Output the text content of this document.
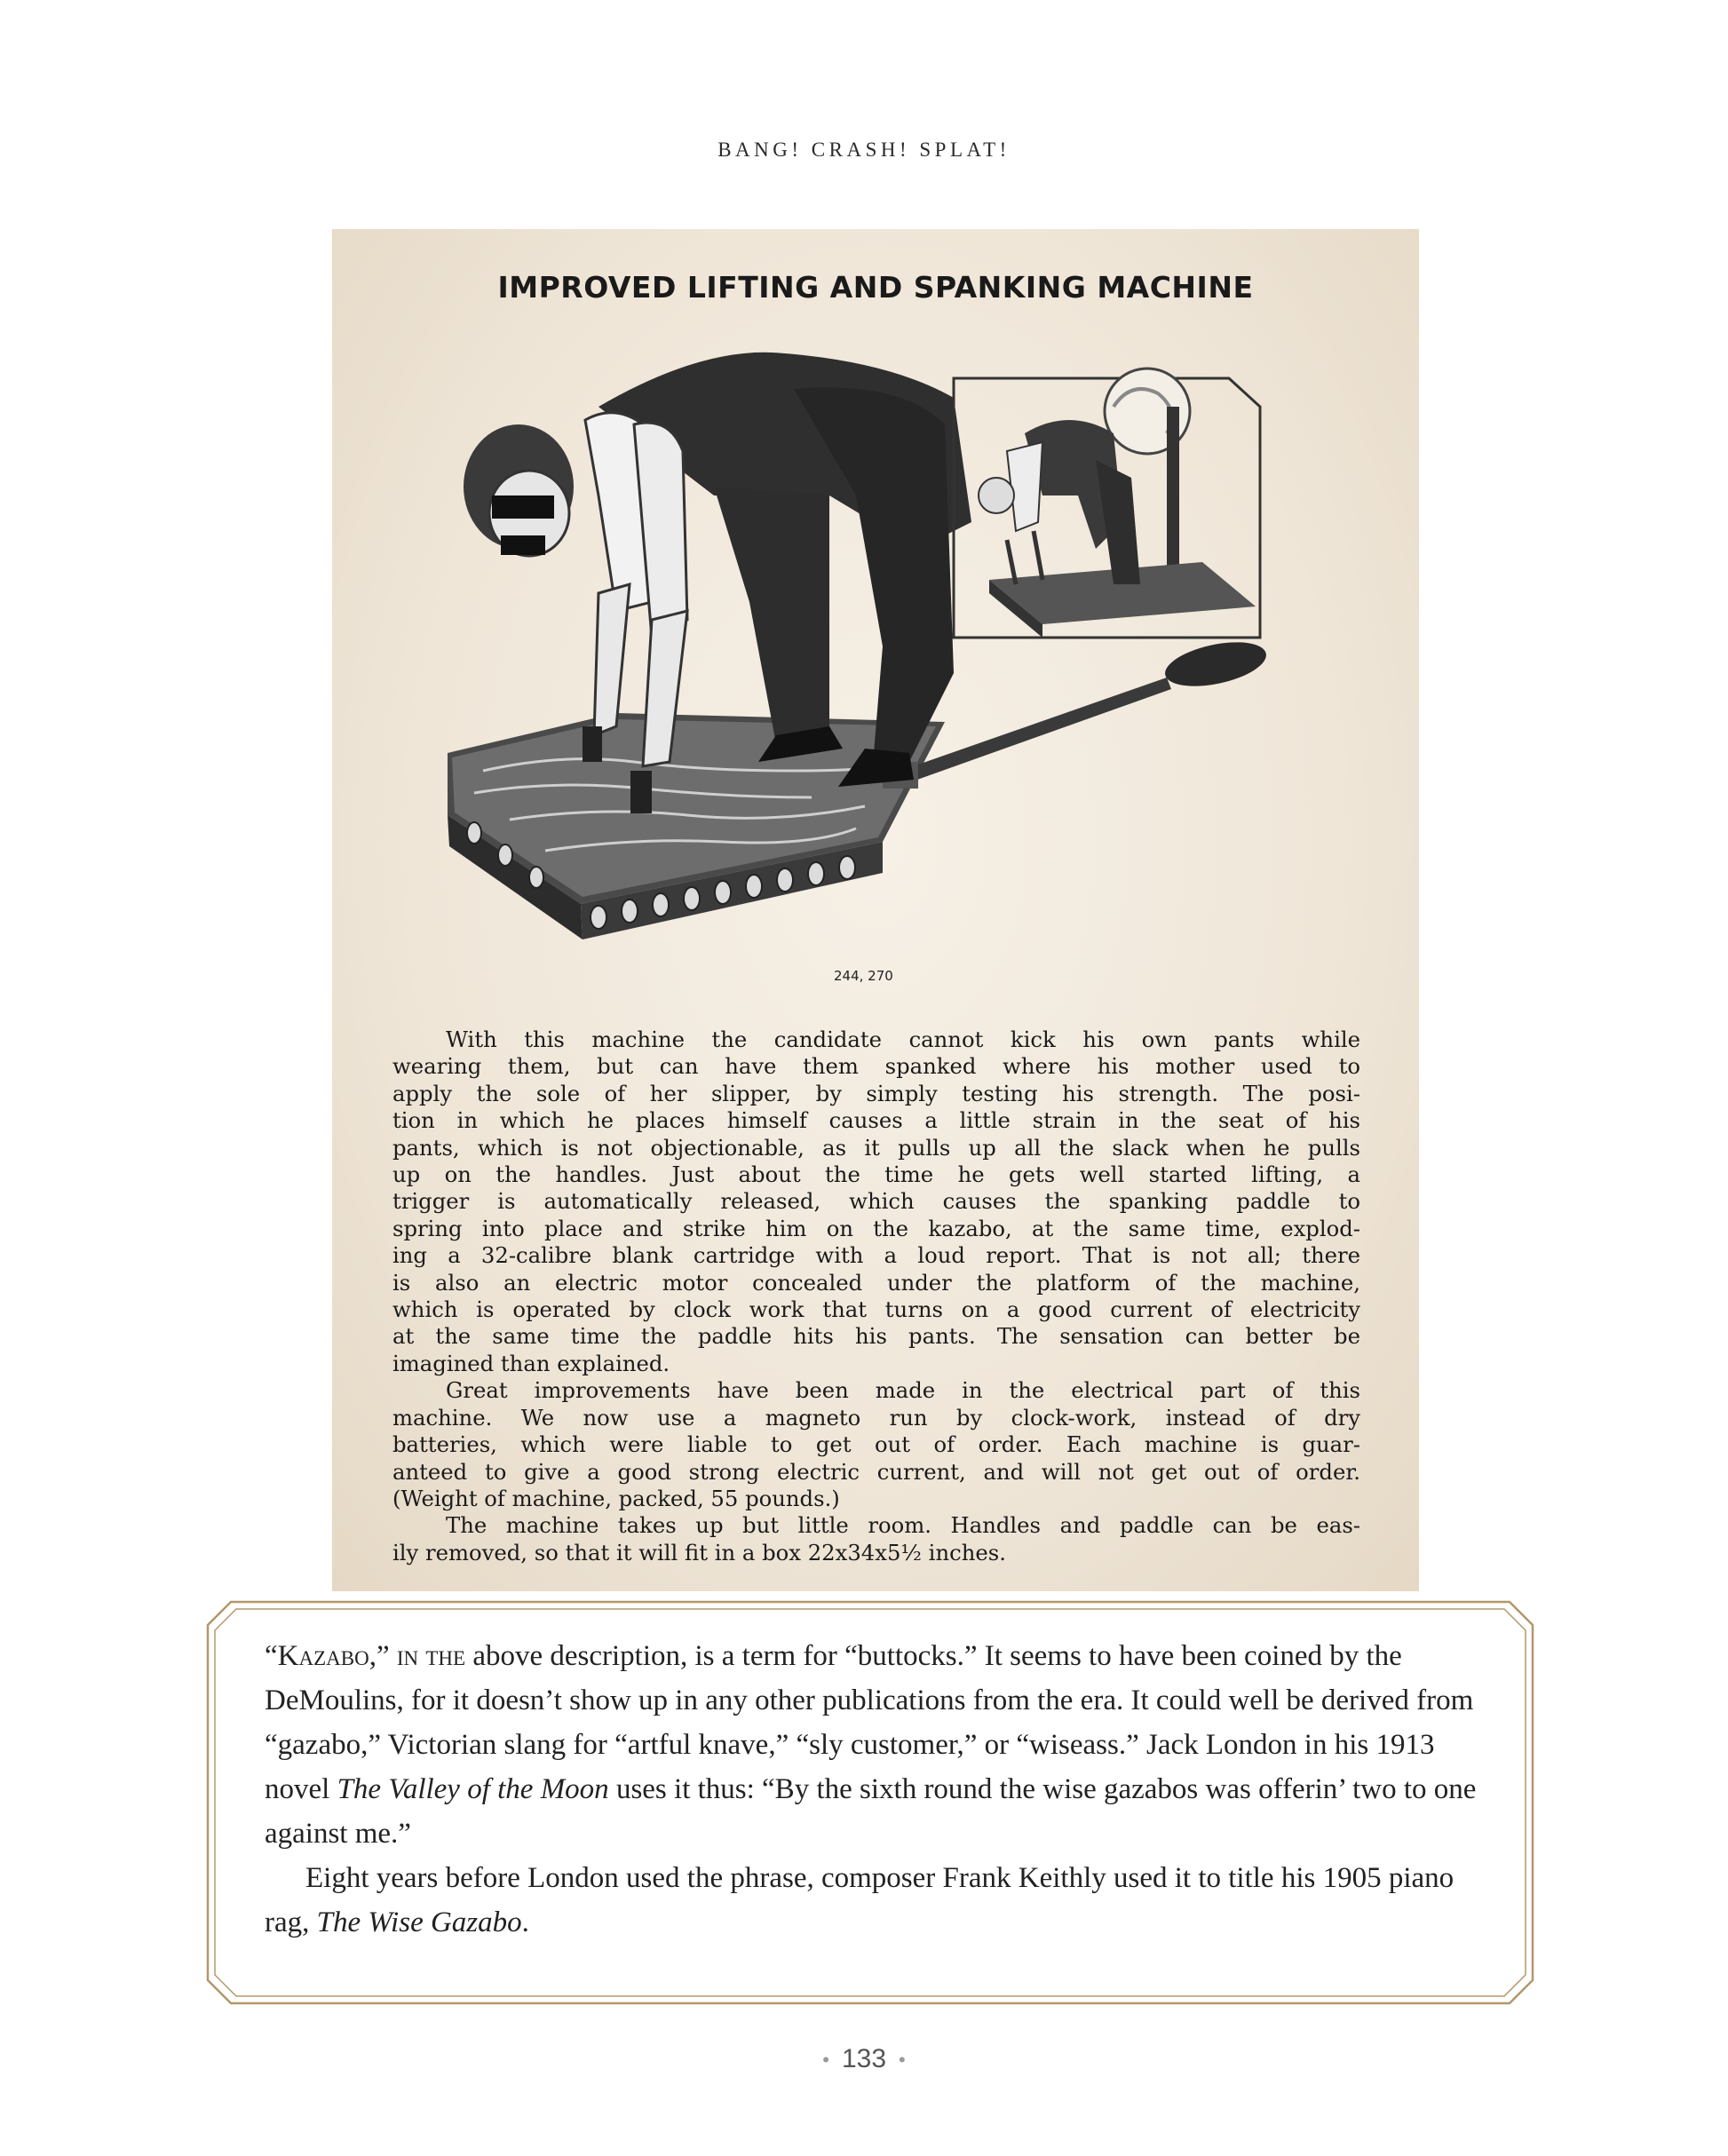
BANG! CRASH! SPLAT!
IMPROVED LIFTING AND SPANKING MACHINE
244, 270
With this machine the candidate cannot kick his own pants while
wearing them, but can have them spanked where his mother used to
apply the sole of her slipper, by simply testing his strength. The posi-
tion in which he places himself causes a little strain in the seat of his
pants, which is not objectionable, as it pulls up all the slack when he pulls
up on the handles. Just about the time he gets well started lifting, a
trigger is automatically released, which causes the spanking paddle to
spring into place and strike him on the kazabo, at the same time, explod-
ing a 32-calibre blank cartridge with a loud report. That is not all; there
is also an electric motor concealed under the platform of the machine,
which is operated by clock work that turns on a good current of electricity
at the same time the paddle hits his pants. The sensation can better be
imagined than explained.
Great improvements have been made in the electrical part of this
machine. We now use a magneto run by clock-work, instead of dry
batteries, which were liable to get out of order. Each machine is guar-
anteed to give a good strong electric current, and will not get out of order.
(Weight of machine, packed, 55 pounds.)
The machine takes up but little room. Handles and paddle can be eas-
ily removed, so that it will fit in a box 22x34x5½ inches.

“Kazabo,” in the above description, is a term for “buttocks.” It seems to have been coined by the DeMoulins, for it doesn’t show up in any other publications from the era. It could well be derived from “gazabo,” Victorian slang for “artful knave,” “sly customer,” or “wiseass.” Jack London in his 1913 novel The Valley of the Moon uses it thus: “By the sixth round the wise gazabos was offerin’ two to one against me.”

Eight years before London used the phrase, composer Frank Keithly used it to title his 1905 piano rag, The Wise Gazabo.

• 133 •
